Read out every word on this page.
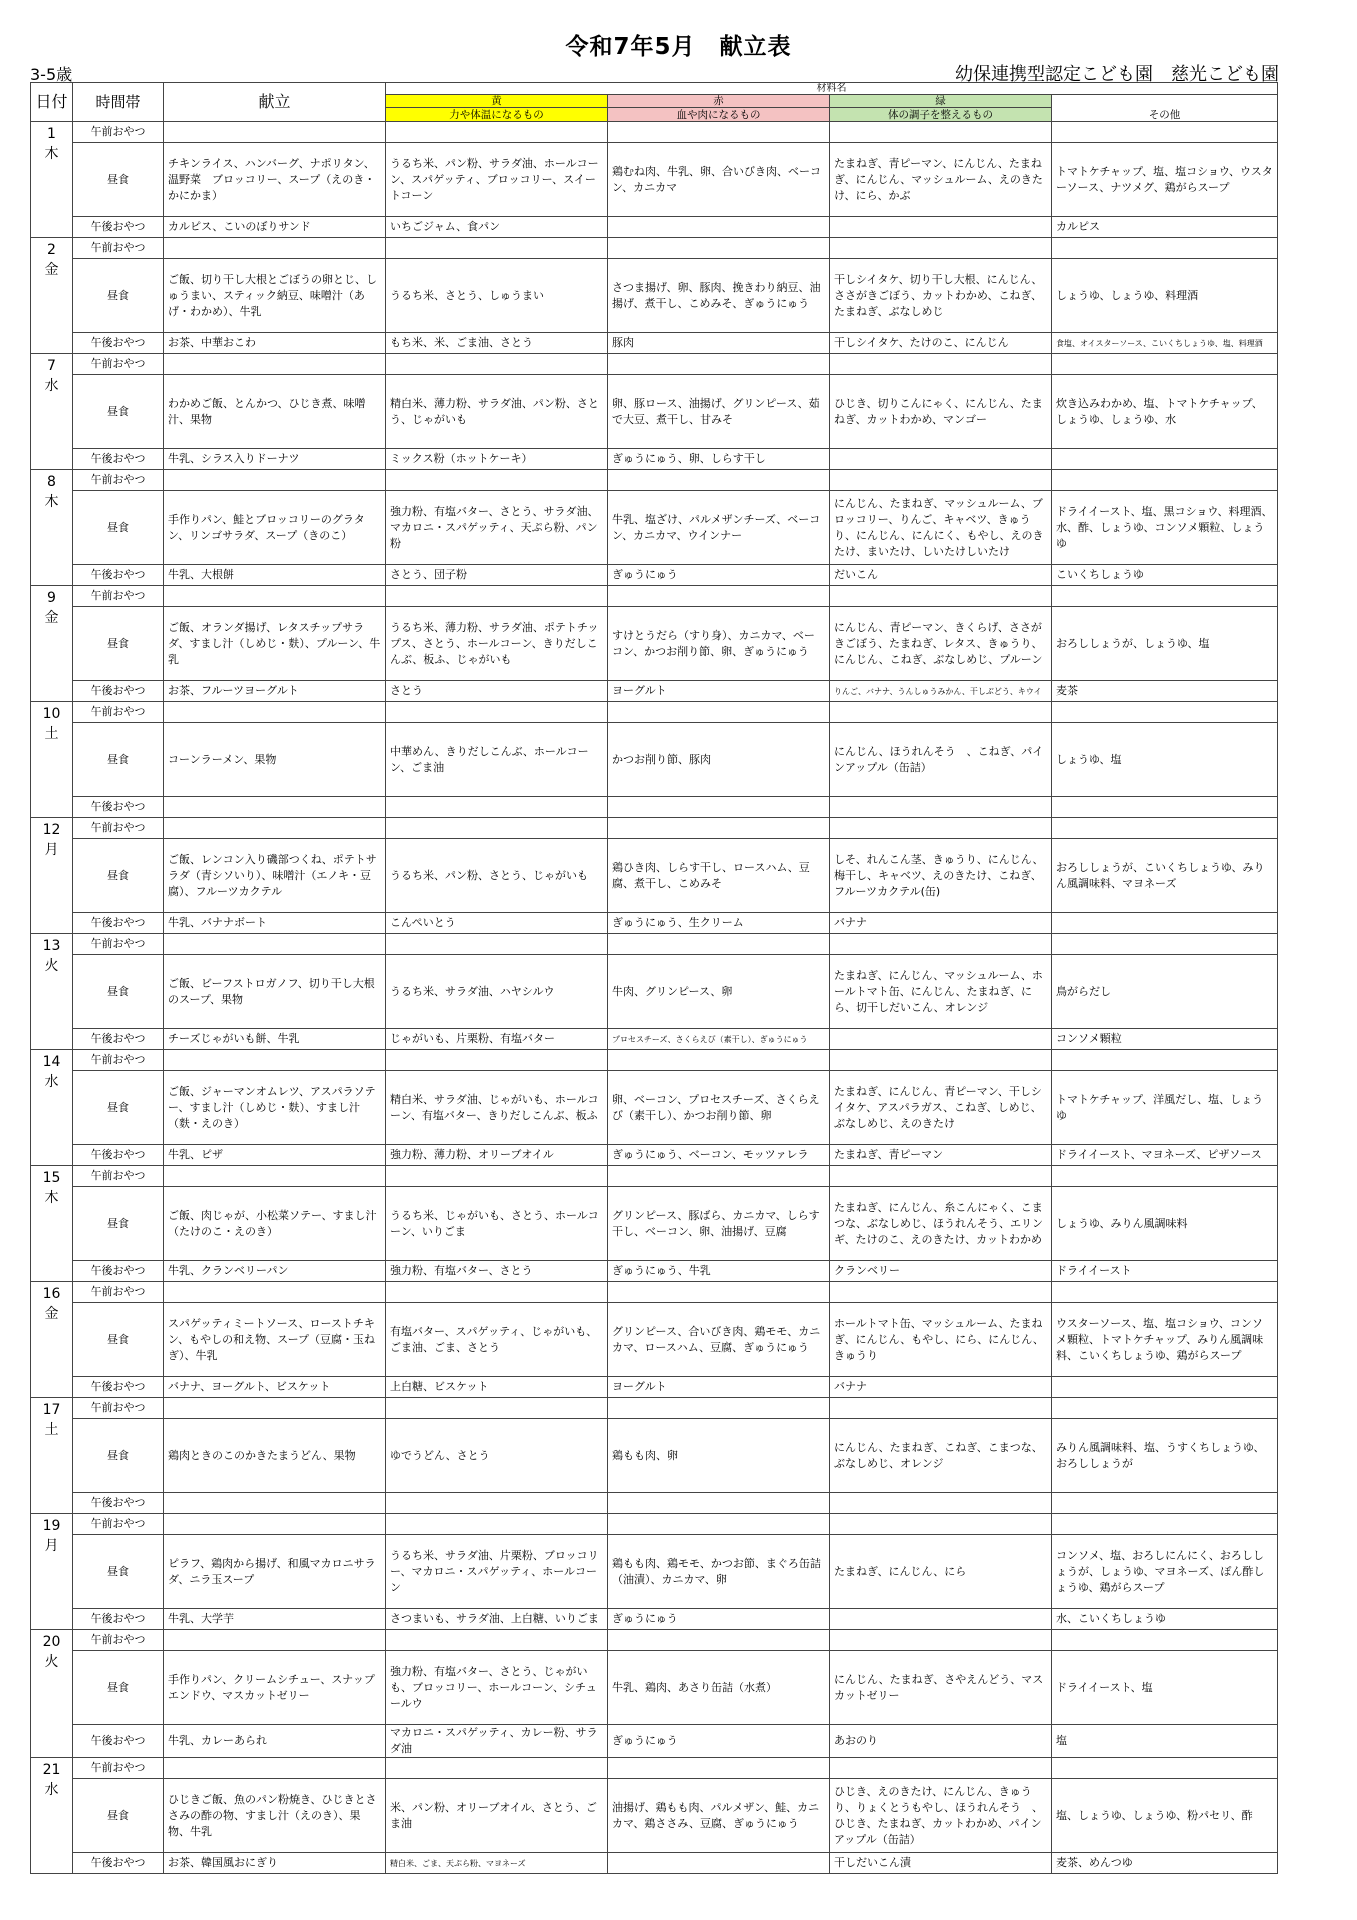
令和7年5月　献立表
3-5歳	幼保連携型認定こども園　慈光こども園
日付	時間帯	献立	材料名			
			黄	赤	緑	その他
			力や体温になるもの	血や肉になるもの	体の調子を整えるもの	

1
木	午前おやつ					
	昼食	チキンライス、ハンバーグ、ナポリタン、温野菜　ブロッコリー、スープ（えのき・かにかま）	うるち米、パン粉、サラダ油、ホールコーン、スパゲッティ、ブロッコリー、スイートコーン	鶏むね肉、牛乳、卵、合いびき肉、ベーコン、カニカマ	たまねぎ、青ピーマン、にんじん、たまねぎ、にんじん、マッシュルーム、えのきたけ、にら、かぶ	トマトケチャップ、塩、塩コショウ、ウスターソース、ナツメグ、鶏がらスープ
	午後おやつ	カルピス、こいのぼりサンド	いちごジャム、食パン			カルピス

2
金	午前おやつ					
	昼食	ご飯、切り干し大根とごぼうの卵とじ、しゅうまい、スティック納豆、味噌汁（あげ・わかめ）、牛乳	うるち米、さとう、しゅうまい	さつま揚げ、卵、豚肉、挽きわり納豆、油揚げ、煮干し、こめみそ、ぎゅうにゅう	干しシイタケ、切り干し大根、にんじん、ささがきごぼう、カットわかめ、こねぎ、たまねぎ、ぶなしめじ	しょうゆ、しょうゆ、料理酒
	午後おやつ	お茶、中華おこわ	もち米、米、ごま油、さとう	豚肉	干しシイタケ、たけのこ、にんじん	食塩、オイスターソース、こいくちしょうゆ、塩、料理酒

7
水	午前おやつ					
	昼食	わかめご飯、とんかつ、ひじき煮、味噌汁、果物	精白米、薄力粉、サラダ油、パン粉、さとう、じゃがいも	卵、豚ロース、油揚げ、グリンピース、茹で大豆、煮干し、甘みそ	ひじき、切りこんにゃく、にんじん、たまねぎ、カットわかめ、マンゴー	炊き込みわかめ、塩、トマトケチャップ、しょうゆ、しょうゆ、水
	午後おやつ	牛乳、シラス入りドーナツ	ミックス粉（ホットケーキ）	ぎゅうにゅう、卵、しらす干し		

8
木	午前おやつ					
	昼食	手作りパン、鮭とブロッコリーのグラタン、リンゴサラダ、スープ（きのこ）	強力粉、有塩バター、さとう、サラダ油、マカロニ・スパゲッティ、天ぷら粉、パン粉	牛乳、塩ざけ、パルメザンチーズ、ベーコン、カニカマ、ウインナー	にんじん、たまねぎ、マッシュルーム、ブロッコリー、りんご、キャベツ、きゅうり、にんじん、にんにく、もやし、えのきたけ、まいたけ、しいたけしいたけ	ドライイースト、塩、黒コショウ、料理酒、水、酢、しょうゆ、コンソメ顆粒、しょうゆ
	午後おやつ	牛乳、大根餅	さとう、団子粉	ぎゅうにゅう	だいこん	こいくちしょうゆ

9
金	午前おやつ					
	昼食	ご飯、オランダ揚げ、レタスチップサラダ、すまし汁（しめじ・麩）、プルーン、牛乳	うるち米、薄力粉、サラダ油、ポテトチップス、さとう、ホールコーン、きりだしこんぶ、板ふ、じゃがいも	すけとうだら（すり身）、カニカマ、ベーコン、かつお削り節、卵、ぎゅうにゅう	にんじん、青ピーマン、きくらげ、ささがきごぼう、たまねぎ、レタス、きゅうり、にんじん、こねぎ、ぶなしめじ、プルーン	おろししょうが、しょうゆ、塩
	午後おやつ	お茶、フルーツヨーグルト	さとう	ヨーグルト	りんご、バナナ、うんしゅうみかん、干しぶどう、キウイ	麦茶

10
土	午前おやつ					
	昼食	コーンラーメン、果物	中華めん、きりだしこんぶ、ホールコーン、ごま油	かつお削り節、豚肉	にんじん、ほうれんそう　、こねぎ、パインアップル（缶詰）	しょうゆ、塩
	午後おやつ					

12
月	午前おやつ					
	昼食	ご飯、レンコン入り磯部つくね、ポテトサラダ（青シソいり）、味噌汁（エノキ・豆腐）、フルーツカクテル	うるち米、パン粉、さとう、じゃがいも	鶏ひき肉、しらす干し、ロースハム、豆腐、煮干し、こめみそ	しそ、れんこん茎、きゅうり、にんじん、梅干し、キャベツ、えのきたけ、こねぎ、フルーツカクテル(缶)	おろししょうが、こいくちしょうゆ、みりん風調味料、マヨネーズ
	午後おやつ	牛乳、バナナボート	こんぺいとう	ぎゅうにゅう、生クリーム	バナナ	

13
火	午前おやつ					
	昼食	ご飯、ビーフストロガノフ、切り干し大根のスープ、果物	うるち米、サラダ油、ハヤシルウ	牛肉、グリンピース、卵	たまねぎ、にんじん、マッシュルーム、ホールトマト缶、にんじん、たまねぎ、にら、切干しだいこん、オレンジ	鳥がらだし
	午後おやつ	チーズじゃがいも餅、牛乳	じゃがいも、片栗粉、有塩バター	プロセスチーズ、さくらえび（素干し）、ぎゅうにゅう		コンソメ顆粒

14
水	午前おやつ					
	昼食	ご飯、ジャーマンオムレツ、アスパラソテー、すまし汁（しめじ・麩）、すまし汁（麩・えのき）	精白米、サラダ油、じゃがいも、ホールコーン、有塩バター、きりだしこんぶ、板ふ	卵、ベーコン、プロセスチーズ、さくらえび（素干し）、かつお削り節、卵	たまねぎ、にんじん、青ピーマン、干しシイタケ、アスパラガス、こねぎ、しめじ、ぶなしめじ、えのきたけ	トマトケチャップ、洋風だし、塩、しょうゆ
	午後おやつ	牛乳、ピザ	強力粉、薄力粉、オリーブオイル	ぎゅうにゅう、ベーコン、モッツァレラ	たまねぎ、青ピーマン	ドライイースト、マヨネーズ、ピザソース

15
木	午前おやつ					
	昼食	ご飯、肉じゃが、小松菜ソテー、すまし汁（たけのこ・えのき）	うるち米、じゃがいも、さとう、ホールコーン、いりごま	グリンピース、豚ばら、カニカマ、しらす干し、ベーコン、卵、油揚げ、豆腐	たまねぎ、にんじん、糸こんにゃく、こまつな、ぶなしめじ、ほうれんそう、エリンギ、たけのこ、えのきたけ、カットわかめ	しょうゆ、みりん風調味料
	午後おやつ	牛乳、クランベリーパン	強力粉、有塩バター、さとう	ぎゅうにゅう、牛乳	クランベリー	ドライイースト

16
金	午前おやつ					
	昼食	スパゲッティミートソース、ローストチキン、もやしの和え物、スープ（豆腐・玉ねぎ）、牛乳	有塩バター、スパゲッティ、じゃがいも、ごま油、ごま、さとう	グリンピース、合いびき肉、鶏モモ、カニカマ、ロースハム、豆腐、ぎゅうにゅう	ホールトマト缶、マッシュルーム、たまねぎ、にんじん、もやし、にら、にんじん、きゅうり	ウスターソース、塩、塩コショウ、コンソメ顆粒、トマトケチャップ、みりん風調味料、こいくちしょうゆ、鶏がらスープ
	午後おやつ	バナナ、ヨーグルト、ビスケット	上白糖、ビスケット	ヨーグルト	バナナ	

17
土	午前おやつ					
	昼食	鶏肉ときのこのかきたまうどん、果物	ゆでうどん、さとう	鶏もも肉、卵	にんじん、たまねぎ、こねぎ、こまつな、ぶなしめじ、オレンジ	みりん風調味料、塩、うすくちしょうゆ、おろししょうが
	午後おやつ					

19
月	午前おやつ					
	昼食	ピラフ、鶏肉から揚げ、和風マカロニサラダ、ニラ玉スープ	うるち米、サラダ油、片栗粉、ブロッコリー、マカロニ・スパゲッティ、ホールコーン	鶏もも肉、鶏モモ、かつお節、まぐろ缶詰（油漬）、カニカマ、卵	たまねぎ、にんじん、にら	コンソメ、塩、おろしにんにく、おろししょうが、しょうゆ、マヨネーズ、ぽん酢しょうゆ、鶏がらスープ
	午後おやつ	牛乳、大学芋	さつまいも、サラダ油、上白糖、いりごま	ぎゅうにゅう		水、こいくちしょうゆ

20
火	午前おやつ					
	昼食	手作りパン、クリームシチュー、スナップエンドウ、マスカットゼリー	強力粉、有塩バター、さとう、じゃがいも、ブロッコリー、ホールコーン、シチュールウ	牛乳、鶏肉、あさり缶詰（水煮）	にんじん、たまねぎ、さやえんどう、マスカットゼリー	ドライイースト、塩
	午後おやつ	牛乳、カレーあられ	マカロニ・スパゲッティ、カレー粉、サラダ油	ぎゅうにゅう	あおのり	塩

21
水	午前おやつ					
	昼食	ひじきご飯、魚のパン粉焼き、ひじきとささみの酢の物、すまし汁（えのき）、果物、牛乳	米、パン粉、オリーブオイル、さとう、ごま油	油揚げ、鶏もも肉、パルメザン、鮭、カニカマ、鶏ささみ、豆腐、ぎゅうにゅう	ひじき、えのきたけ、にんじん、きゅうり、りょくとうもやし、ほうれんそう　、ひじき、たまねぎ、カットわかめ、パインアップル（缶詰）	塩、しょうゆ、しょうゆ、粉パセリ、酢
	午後おやつ	お茶、韓国風おにぎり	精白米、ごま、天ぷら粉、マヨネーズ		干しだいこん漬	麦茶、めんつゆ
